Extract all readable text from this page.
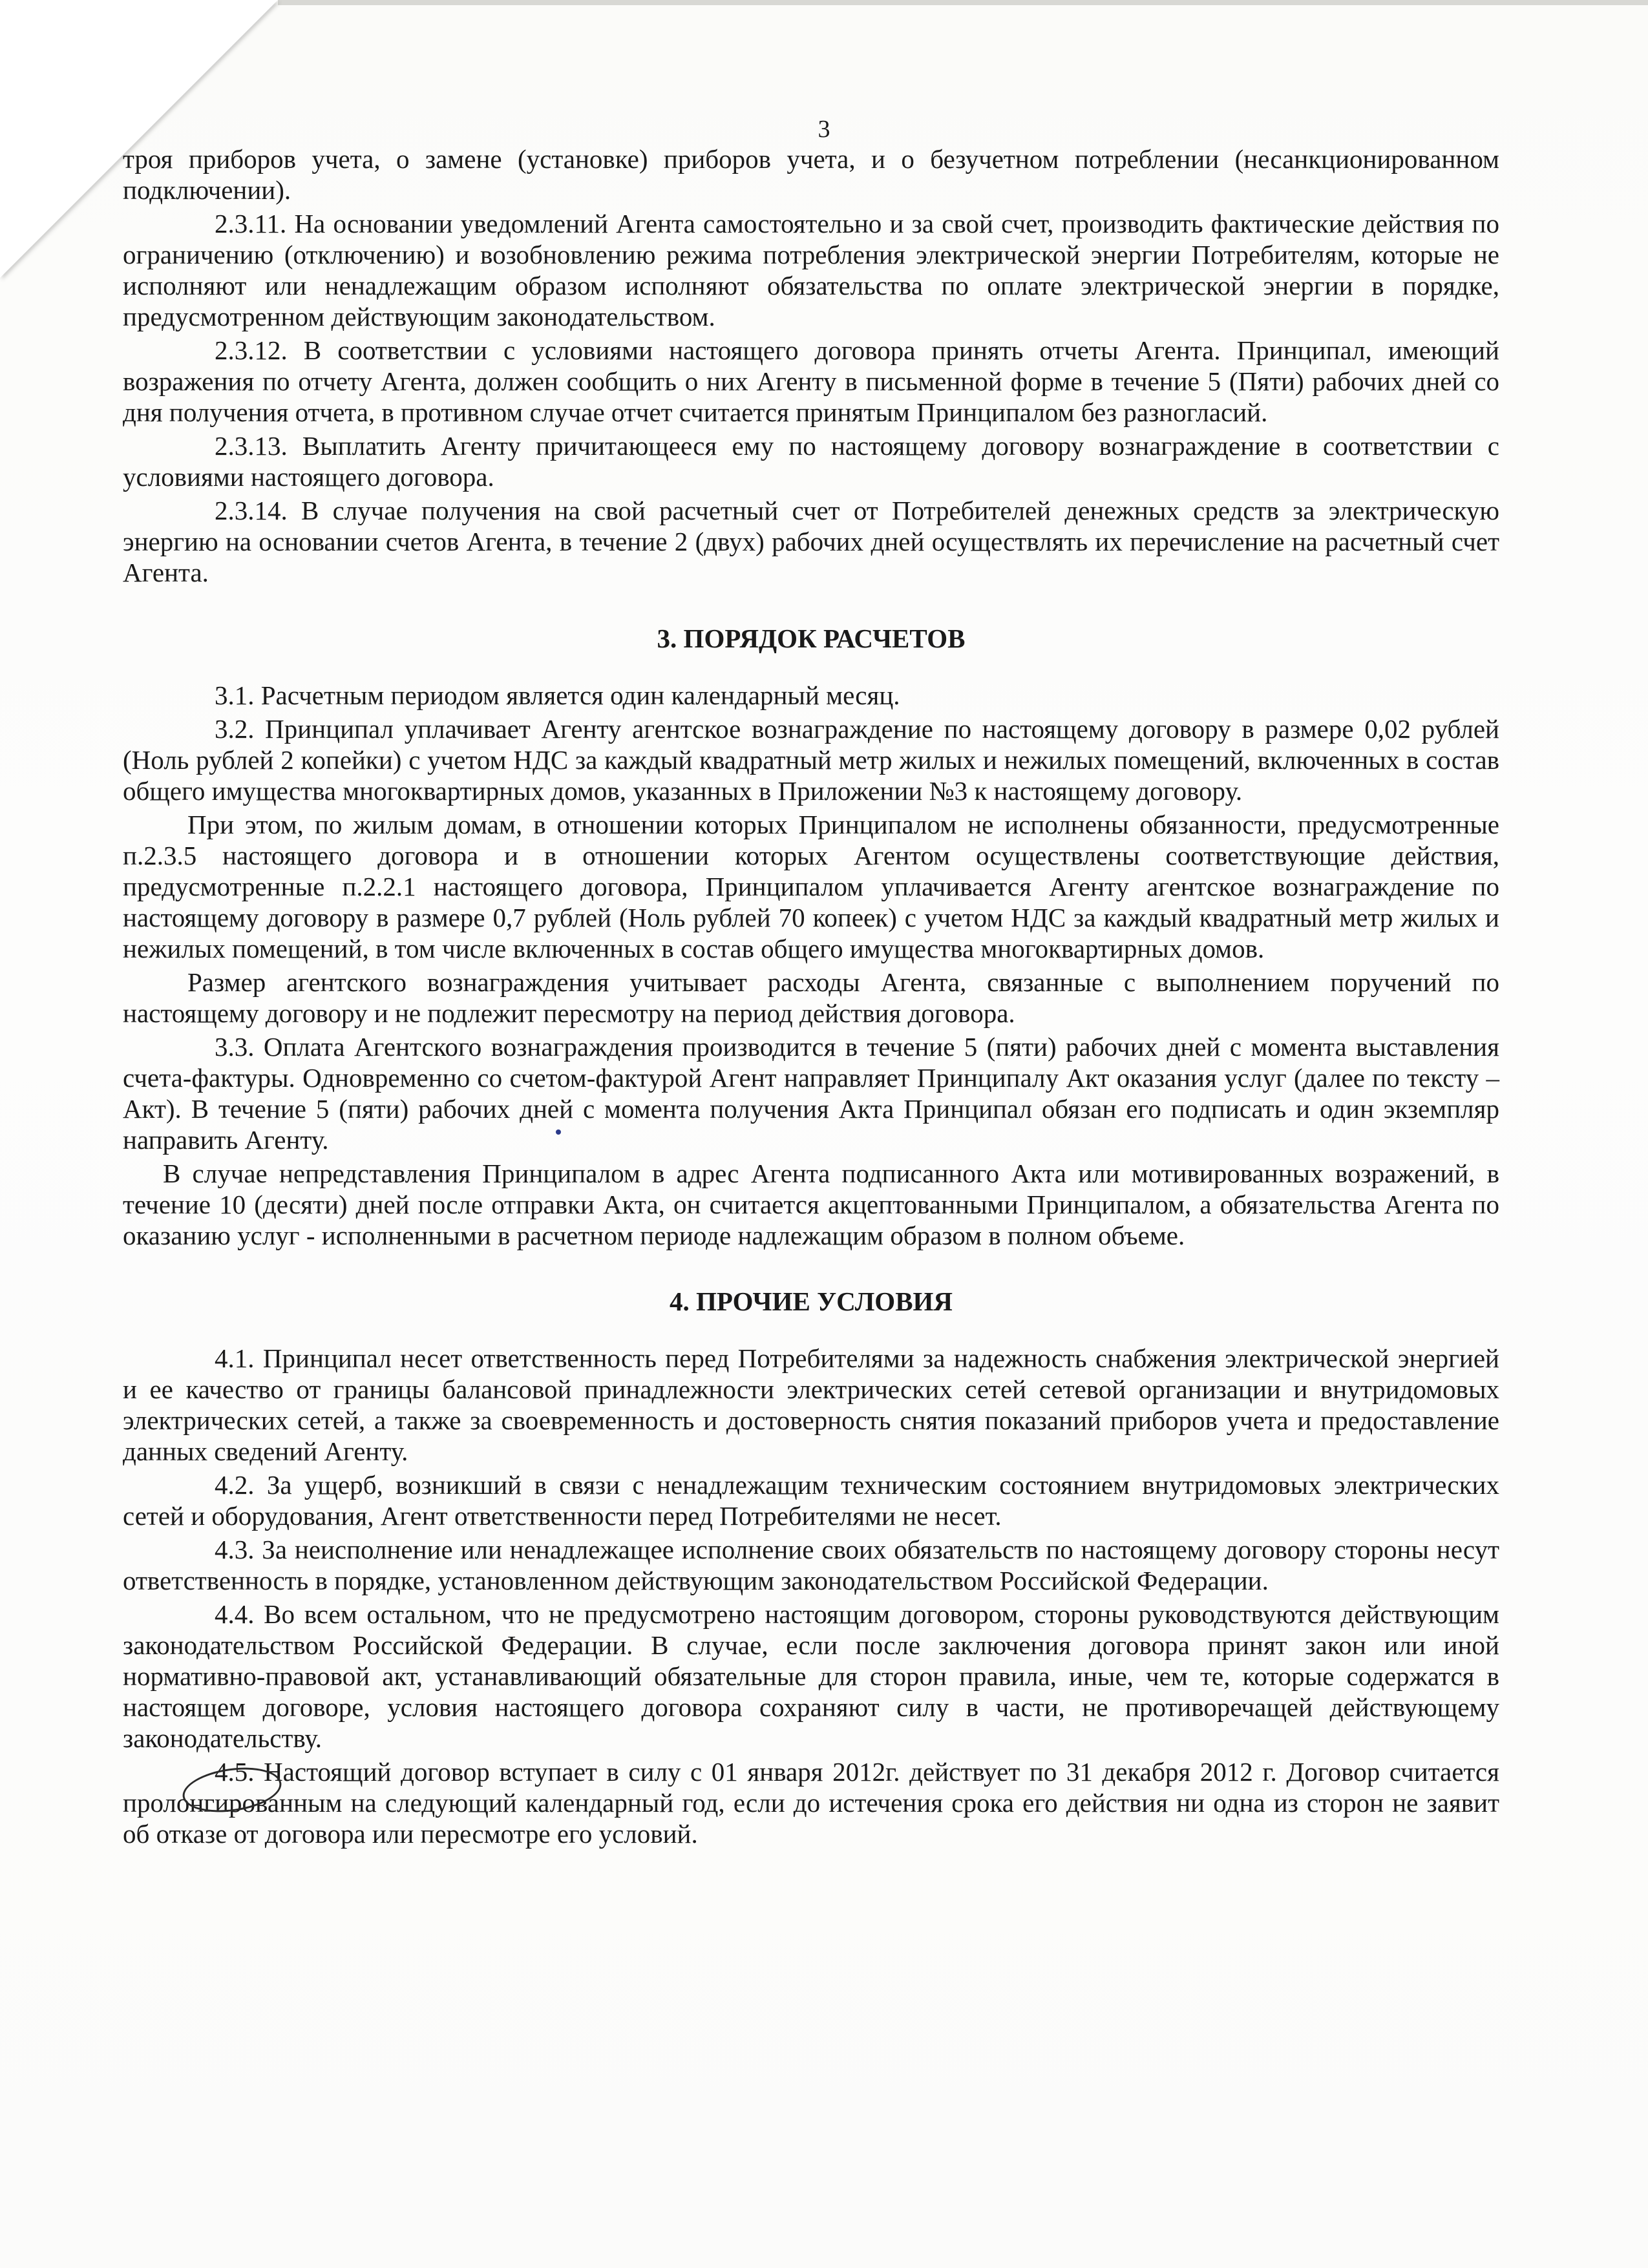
3

троя приборов учета, о замене (установке) приборов учета, и о безучетном потреблении (несанкционированном подключении).

2.3.11. На основании уведомлений Агента самостоятельно и за свой счет, производить фактические действия по ограничению (отключению) и возобновлению режима потребления электрической энергии Потребителям, которые не исполняют или ненадлежащим образом исполняют обязательства по оплате электрической энергии в порядке, предусмотренном действующим законодательством.

2.3.12. В соответствии с условиями настоящего договора принять отчеты Агента. Принципал, имеющий возражения по отчету Агента, должен сообщить о них Агенту в письменной форме в течение 5 (Пяти) рабочих дней со дня получения отчета, в противном случае отчет считается принятым Принципалом без разногласий.

2.3.13. Выплатить Агенту причитающееся ему по настоящему договору вознаграждение в соответствии с условиями настоящего договора.

2.3.14. В случае получения на свой расчетный счет от Потребителей денежных средств за электрическую энергию на основании счетов Агента, в течение 2 (двух) рабочих дней осуществлять их перечисление на расчетный счет Агента.

3. ПОРЯДОК РАСЧЕТОВ

3.1. Расчетным периодом является один календарный месяц.

3.2. Принципал уплачивает Агенту агентское вознаграждение по настоящему договору в размере 0,02 рублей (Ноль рублей 2 копейки) с учетом НДС за каждый квадратный метр жилых и нежилых помещений, включенных в состав общего имущества многоквартирных домов, указанных в Приложении №3 к настоящему договору.

При этом, по жилым домам, в отношении которых Принципалом не исполнены обязанности, предусмотренные п.2.3.5 настоящего договора и в отношении которых Агентом осуществлены соответствующие действия, предусмотренные п.2.2.1 настоящего договора, Принципалом уплачивается Агенту агентское вознаграждение по настоящему договору в размере 0,7 рублей (Ноль рублей 70 копеек) с учетом НДС за каждый квадратный метр жилых и нежилых помещений, в том числе включенных в состав общего имущества многоквартирных домов.

Размер агентского вознаграждения учитывает расходы Агента, связанные с выполнением поручений по настоящему договору и не подлежит пересмотру на период действия договора.

3.3. Оплата Агентского вознаграждения производится в течение 5 (пяти) рабочих дней с момента выставления счета-фактуры. Одновременно со счетом-фактурой Агент направляет Принципалу Акт оказания услуг (далее по тексту – Акт). В течение 5 (пяти) рабочих дней с момента получения Акта Принципал обязан его подписать и один экземпляр направить Агенту.

В случае непредставления Принципалом в адрес Агента подписанного Акта или мотивированных возражений, в течение 10 (десяти) дней после отправки Акта, он считается акцептованными Принципалом, а обязательства Агента по оказанию услуг - исполненными в расчетном периоде надлежащим образом в полном объеме.

4. ПРОЧИЕ УСЛОВИЯ

4.1. Принципал несет ответственность перед Потребителями за надежность снабжения электрической энергией и ее качество от границы балансовой принадлежности электрических сетей сетевой организации и внутридомовых электрических сетей, а также за своевременность и достоверность снятия показаний приборов учета и предоставление данных сведений Агенту.

4.2. За ущерб, возникший в связи с ненадлежащим техническим состоянием внутридомовых электрических сетей и оборудования, Агент ответственности перед Потребителями не несет.

4.3. За неисполнение или ненадлежащее исполнение своих обязательств по настоящему договору стороны несут ответственность в порядке, установленном действующим законодательством Российской Федерации.

4.4. Во всем остальном, что не предусмотрено настоящим договором, стороны руководствуются действующим законодательством Российской Федерации. В случае, если после заключения договора принят закон или иной нормативно-правовой акт, устанавливающий обязательные для сторон правила, иные, чем те, которые содержатся в настоящем договоре, условия настоящего договора сохраняют силу в части, не противоречащей действующему законодательству.

4.5. Настоящий договор вступает в силу с 01 января 2012г. действует по 31 декабря 2012 г. Договор считается пролонгированным на следующий календарный год, если до истечения срока его действия ни одна из сторон не заявит об отказе от договора или пересмотре его условий.
